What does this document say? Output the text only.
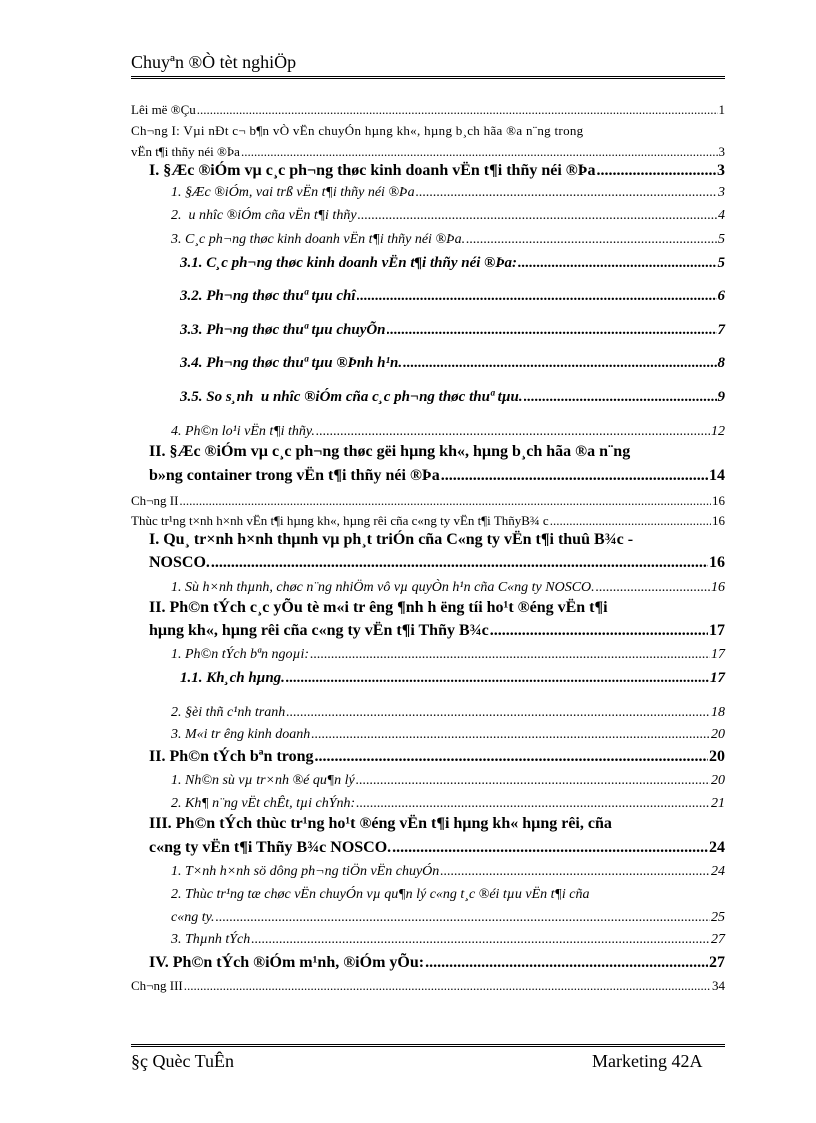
Chuyªn ®Ò tèt nghiÖp
Lêi më ®Çu .....	1
Ch¬ng I: Vµi nÐt c¬ b¶n vÒ vËn chuyÓn hµng kh«, hµng b¸ch hãa ®a n¨ng trong
vËn t¶i thñy néi ®Þa .....	3
I. §Æc ®iÓm vµ c¸c ph¬ng thøc kinh doanh vËn t¶i thñy néi ®Þa .....	3
1. §Æc ®iÓm, vai trß vËn t¶i thñy néi ®Þa .....	3
2. u nhîc ®iÓm cña vËn t¶i thñy .....	4
3. C¸c ph¬ng thøc kinh doanh vËn t¶i thñy néi ®Þa. .....	5
3.1. C¸c ph¬ng thøc kinh doanh vËn t¶i thñy néi ®Þa: .....	5
3.2. Ph¬ng thøc thuª tµu chî .....	6
3.3. Ph¬ng thøc thuª tµu chuyÕn .....	7
3.4. Ph¬ng thøc thuª tµu ®Þnh h¹n. .....	8
3.5. So s¸nh u nhîc ®iÓm cña c¸c ph¬ng thøc thuª tµu. .....	9
4. Ph©n lo¹i vËn t¶i thñy. .....	12
II. §Æc ®iÓm vµ c¸c ph¬ng thøc gëi hµng kh«, hµng b¸ch hãa ®a n¨ng
b»ng container trong vËn t¶i thñy néi ®Þa .....	14
Ch¬ng II .....	16
Thùc tr¹ng t×nh h×nh vËn t¶i hµng kh«, hµng rêi cña c«ng ty vËn t¶i ThñyB¾ c .....	16
I. Qu¸ tr×nh h×nh thµnh vµ ph¸t triÓn cña C«ng ty vËn t¶i thuû B¾c -
NOSCO. .....	16
1. Sù h×nh thµnh, chøc n¨ng nhiÖm vô vµ quyÒn h¹n cña C«ng ty NOSCO. .....	16
II. Ph©n tÝch c¸c yÕu tè m«i tr êng ¶nh h ëng tíi ho¹t ®éng vËn t¶i
hµng kh«, hµng rêi cña c«ng ty vËn t¶i Thñy B¾c .....	17
1. Ph©n tÝch bªn ngoµi: .....	17
1.1. Kh¸ch hµng. .....	17
2. §èi thñ c¹nh tranh .....	18
3. M«i tr êng kinh doanh .....	20
II. Ph©n tÝch bªn trong .....	20
1. Nh©n sù vµ tr×nh ®é qu¶n lý .....	20
2. Kh¶ n¨ng vËt chÊt, tµi chÝnh: .....	21
III. Ph©n tÝch thùc tr¹ng ho¹t ®éng vËn t¶i hµng kh« hµng rêi, cña
c«ng ty vËn t¶i Thñy B¾c NOSCO. .....	24
1. T×nh h×nh sö dông ph¬ng tiÖn vËn chuyÓn .....	24
2. Thùc tr¹ng tæ chøc vËn chuyÓn vµ qu¶n lý c«ng t¸c ®éi tµu vËn t¶i cña
c«ng ty. .....	25
3. Thµnh tÝch .....	27
IV. Ph©n tÝch ®iÓm m¹nh, ®iÓm yÕu: .....	27
Ch¬ng III .....	34
§ç Quèc TuÊn	Marketing 42A
